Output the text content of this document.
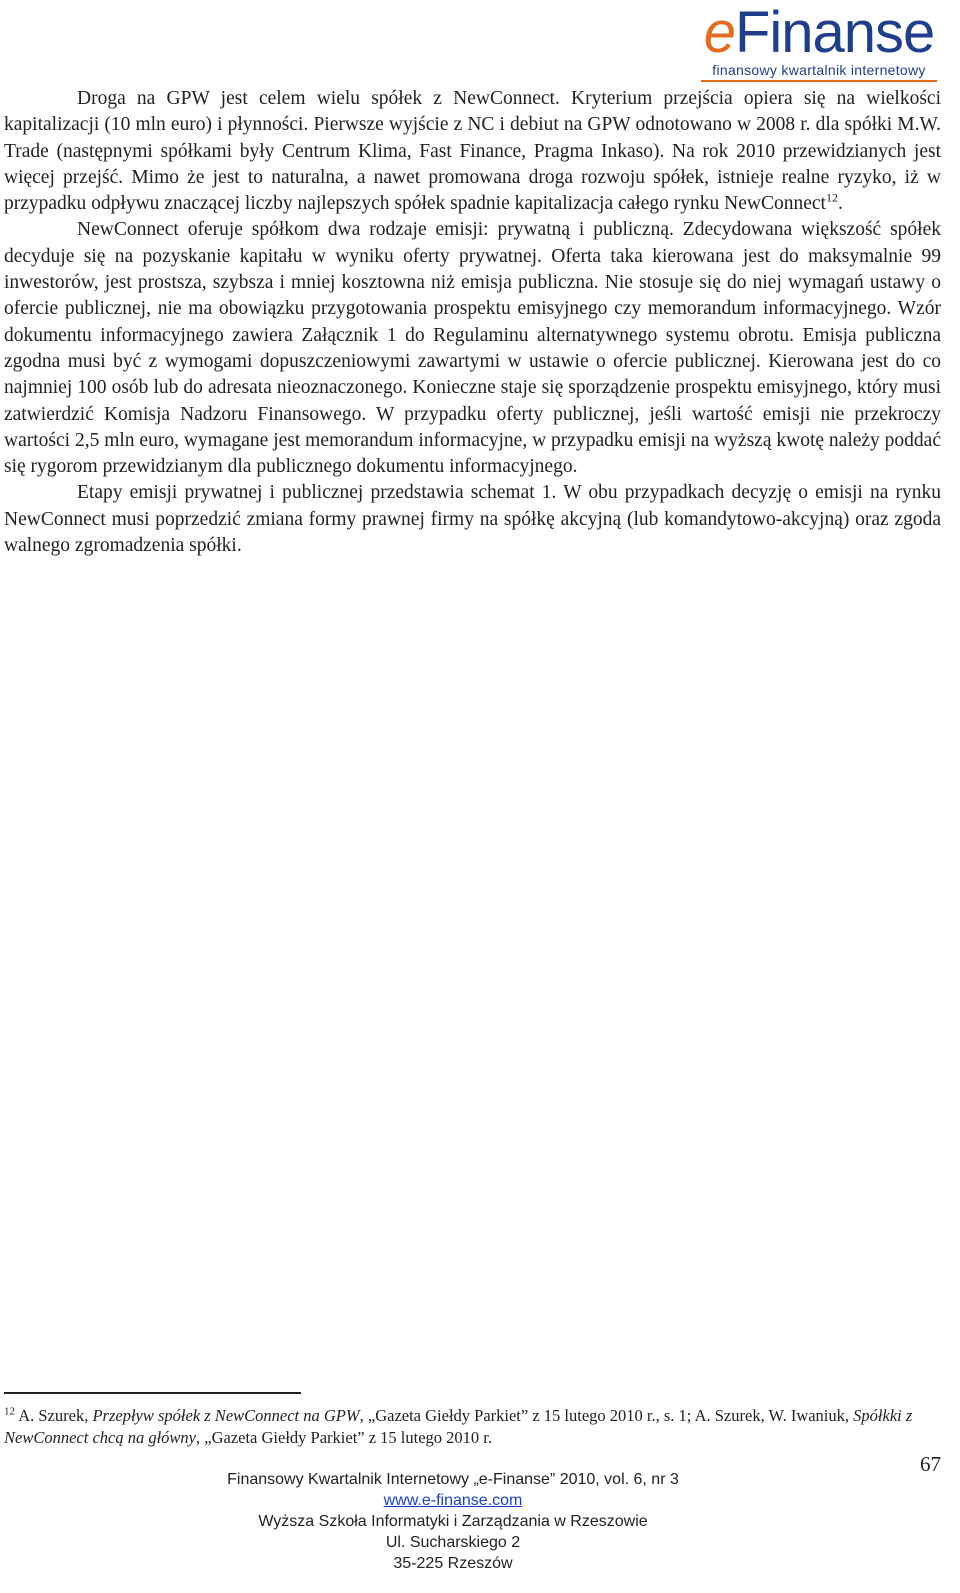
eFinanse
finansowy kwartalnik internetowy

Droga na GPW jest celem wielu spółek z NewConnect. Kryterium przejścia opiera się na wielkości kapitalizacji (10 mln euro) i płynności. Pierwsze wyjście z NC i debiut na GPW odnotowano w 2008 r. dla spółki M.W. Trade (następnymi spółkami były Centrum Klima, Fast Finance, Pragma Inkaso). Na rok 2010 przewidzianych jest więcej przejść. Mimo że jest to naturalna, a nawet promowana droga rozwoju spółek, istnieje realne ryzyko, iż w przypadku odpływu znaczącej liczby najlepszych spółek spadnie kapitalizacja całego rynku NewConnect$^{12}$.

NewConnect oferuje spółkom dwa rodzaje emisji: prywatną i publiczną. Zdecydowana większość spółek decyduje się na pozyskanie kapitału w wyniku oferty prywatnej. Oferta taka kierowana jest do maksymalnie 99 inwestorów, jest prostsza, szybsza i mniej kosztowna niż emisja publiczna. Nie stosuje się do niej wymagań ustawy o ofercie publicznej, nie ma obowiązku przygotowania prospektu emisyjnego czy memorandum informacyjnego. Wzór dokumentu informacyjnego zawiera Załącznik 1 do Regulaminu alternatywnego systemu obrotu. Emisja publiczna zgodna musi być z wymogami dopuszczeniowymi zawartymi w ustawie o ofercie publicznej. Kierowana jest do co najmniej 100 osób lub do adresata nieoznaczonego. Konieczne staje się sporządzenie prospektu emisyjnego, który musi zatwierdzić Komisja Nadzoru Finansowego. W przypadku oferty publicznej, jeśli wartość emisji nie przekroczy wartości 2,5 mln euro, wymagane jest memorandum informacyjne, w przypadku emisji na wyższą kwotę należy poddać się rygorom przewidzianym dla publicznego dokumentu informacyjnego.

Etapy emisji prywatnej i publicznej przedstawia schemat 1. W obu przypadkach decyzję o emisji na rynku NewConnect musi poprzedzić zmiana formy prawnej firmy na spółkę akcyjną (lub komandytowo-akcyjną) oraz zgoda walnego zgromadzenia spółki.

$^{12}$ A. Szurek, Przepływ spółek z NewConnect na GPW, „Gazeta Giełdy Parkiet” z 15 lutego 2010 r., s. 1; A. Szurek, W. Iwaniuk, Spółkki z NewConnect chcą na główny, „Gazeta Giełdy Parkiet” z 15 lutego 2010 r.
67
Finansowy Kwartalnik Internetowy „e-Finanse” 2010, vol. 6, nr 3
www.e-finanse.com
Wyższa Szkoła Informatyki i Zarządzania w Rzeszowie
Ul. Sucharskiego 2
35-225 Rzeszów
